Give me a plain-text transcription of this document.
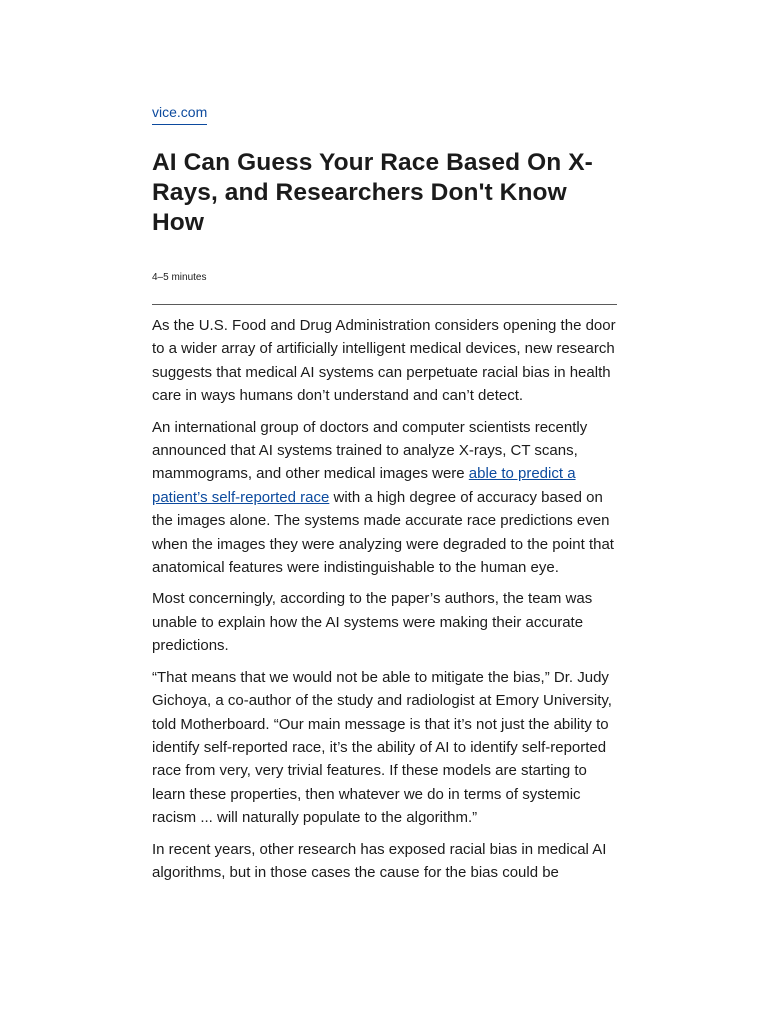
vice.com
AI Can Guess Your Race Based On X-Rays, and Researchers Don't Know How
4–5 minutes

As the U.S. Food and Drug Administration considers opening the door to a wider array of artificially intelligent medical devices, new research suggests that medical AI systems can perpetuate racial bias in health care in ways humans don’t understand and can’t detect.

An international group of doctors and computer scientists recently announced that AI systems trained to analyze X-rays, CT scans, mammograms, and other medical images were able to predict a patient’s self-reported race with a high degree of accuracy based on the images alone. The systems made accurate race predictions even when the images they were analyzing were degraded to the point that anatomical features were indistinguishable to the human eye.

Most concerningly, according to the paper’s authors, the team was unable to explain how the AI systems were making their accurate predictions.

“That means that we would not be able to mitigate the bias,” Dr. Judy Gichoya, a co-author of the study and radiologist at Emory University, told Motherboard. “Our main message is that it’s not just the ability to identify self-reported race, it’s the ability of AI to identify self-reported race from very, very trivial features. If these models are starting to learn these properties, then whatever we do in terms of systemic racism ... will naturally populate to the algorithm.”

In recent years, other research has exposed racial bias in medical AI algorithms, but in those cases the cause for the bias could be
